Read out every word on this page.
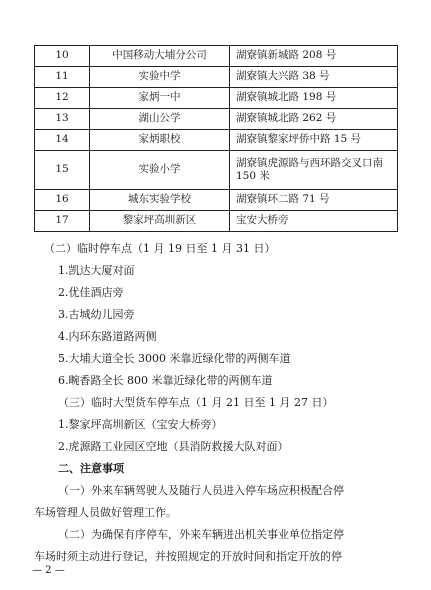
10	中国移动大埔分公司	湖寮镇新城路 208 号
11	实验中学	湖寮镇大兴路 38 号
12	家炳一中	湖寮镇城北路 198 号
13	湖山公学	湖寮镇城北路 262 号
14	家炳职校	湖寮镇黎家坪侨中路 15 号
15	实验小学	湖寮镇虎源路与西环路交叉口南 150 米
16	城东实验学校	湖寮镇环二路 71 号
17	黎家坪高圳新区	宝安大桥旁
（二）临时停车点（1 月 19 日至 1 月 31 日）
1.凯达大厦对面
2.优佳酒店旁
3.古城幼儿园旁
4.内环东路道路两侧
5.大埔大道全长 3000 米靠近绿化带的两侧车道
6.畹香路全长 800 米靠近绿化带的两侧车道
（三）临时大型货车停车点（1 月 21 日至 1 月 27 日）
1.黎家坪高圳新区（宝安大桥旁）
2.虎源路工业园区空地（县消防救援大队对面）
二、注意事项
（一）外来车辆驾驶人及随行人员进入停车场应积极配合停
车场管理人员做好管理工作。
（二）为确保有序停车，外来车辆进出机关事业单位指定停
车场时须主动进行登记，并按照规定的开放时间和指定开放的停
— 2 —
